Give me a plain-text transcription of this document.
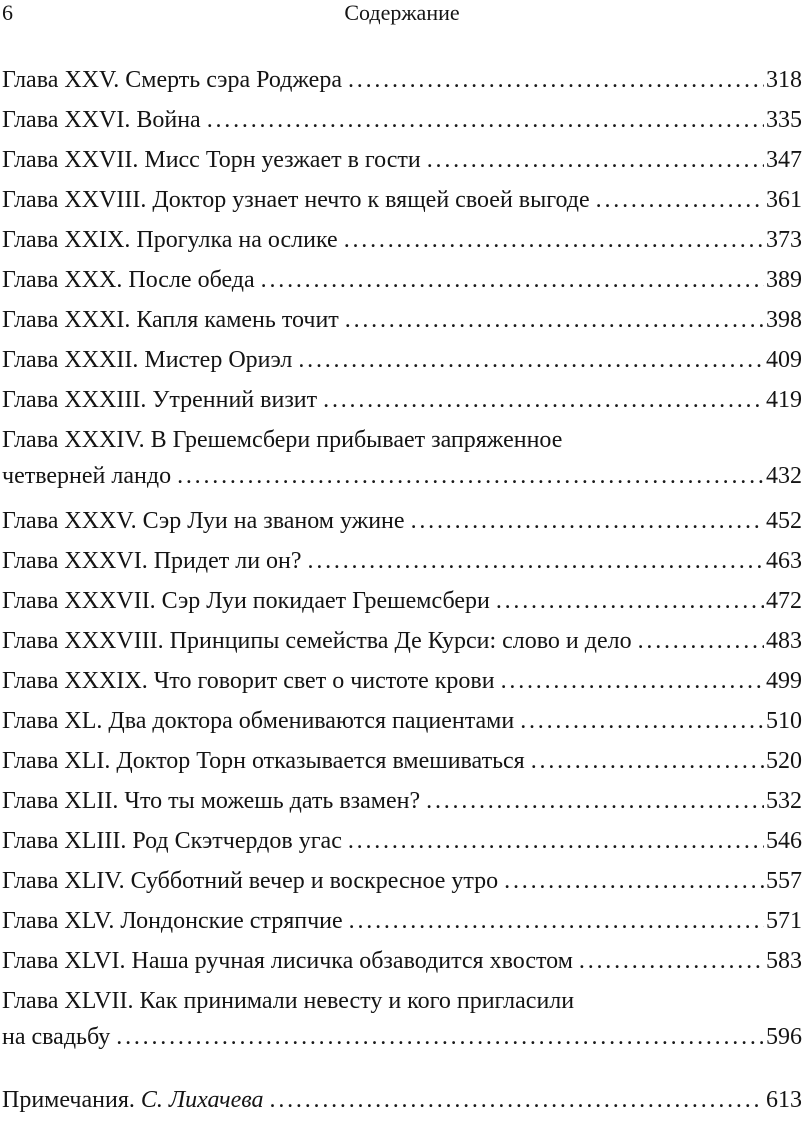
6	Содержание
Глава XXV. Смерть сэра Роджера . . .	318
Глава XXVI. Война . . .	335
Глава XXVII. Мисс Торн уезжает в гости . . .	347
Глава XXVIII. Доктор узнает нечто к вящей своей выгоде . . .	361
Глава XXIX. Прогулка на ослике . . .	373
Глава XXX. После обеда . . .	389
Глава XXXI. Капля камень точит . . .	398
Глава XXXII. Мистер Ориэл . . .	409
Глава XXXIII. Утренний визит . . .	419
Глава XXXIV. В Грешемсбери прибывает запряженное
четверней ландо . . .	432
Глава XXXV. Сэр Луи на званом ужине . . .	452
Глава XXXVI. Придет ли он? . . .	463
Глава XXXVII. Сэр Луи покидает Грешемсбери . . .	472
Глава XXXVIII. Принципы семейства Де Курси: слово и дело . . .	483
Глава XXXIX. Что говорит свет о чистоте крови . . .	499
Глава XL. Два доктора обмениваются пациентами . . .	510
Глава XLI. Доктор Торн отказывается вмешиваться . . .	520
Глава XLII. Что ты можешь дать взамен? . . .	532
Глава XLIII. Род Скэтчердов угас . . .	546
Глава XLIV. Субботний вечер и воскресное утро . . .	557
Глава XLV. Лондонские стряпчие . . .	571
Глава XLVI. Наша ручная лисичка обзаводится хвостом . . .	583
Глава XLVII. Как принимали невесту и кого пригласили
на свадьбу . . .	596
Примечания. С. Лихачева . . .	613
